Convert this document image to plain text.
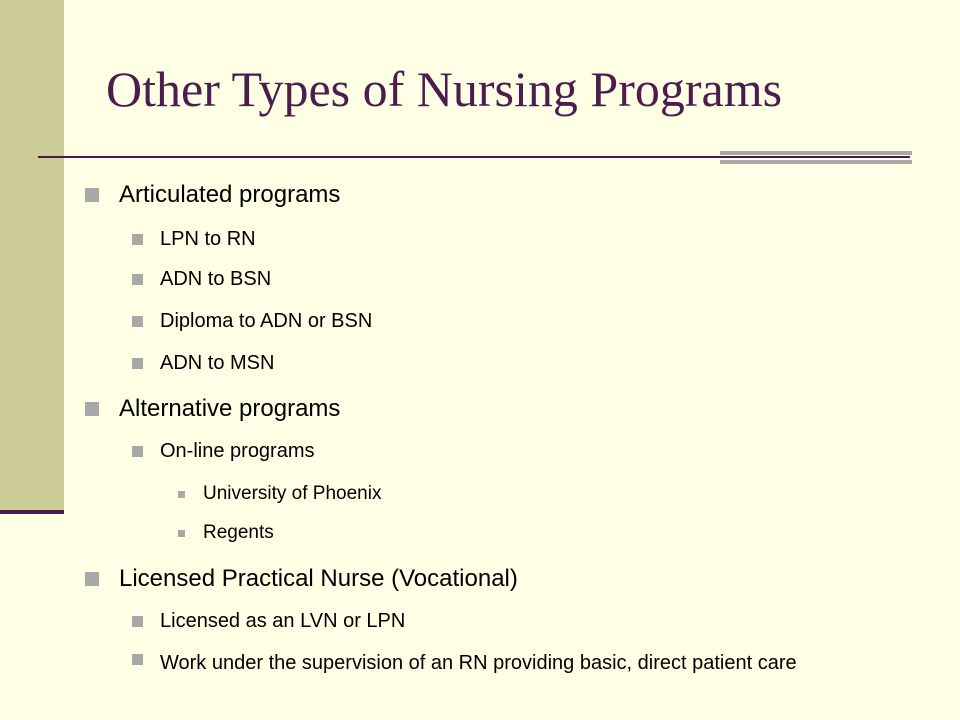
Other Types of Nursing Programs
Articulated programs
LPN to RN
ADN to BSN
Diploma to ADN or BSN
ADN to MSN
Alternative programs
On-line programs
University of Phoenix
Regents
Licensed Practical Nurse (Vocational)
Licensed as an LVN or LPN
Work under the supervision of an RN providing basic, direct patient care
